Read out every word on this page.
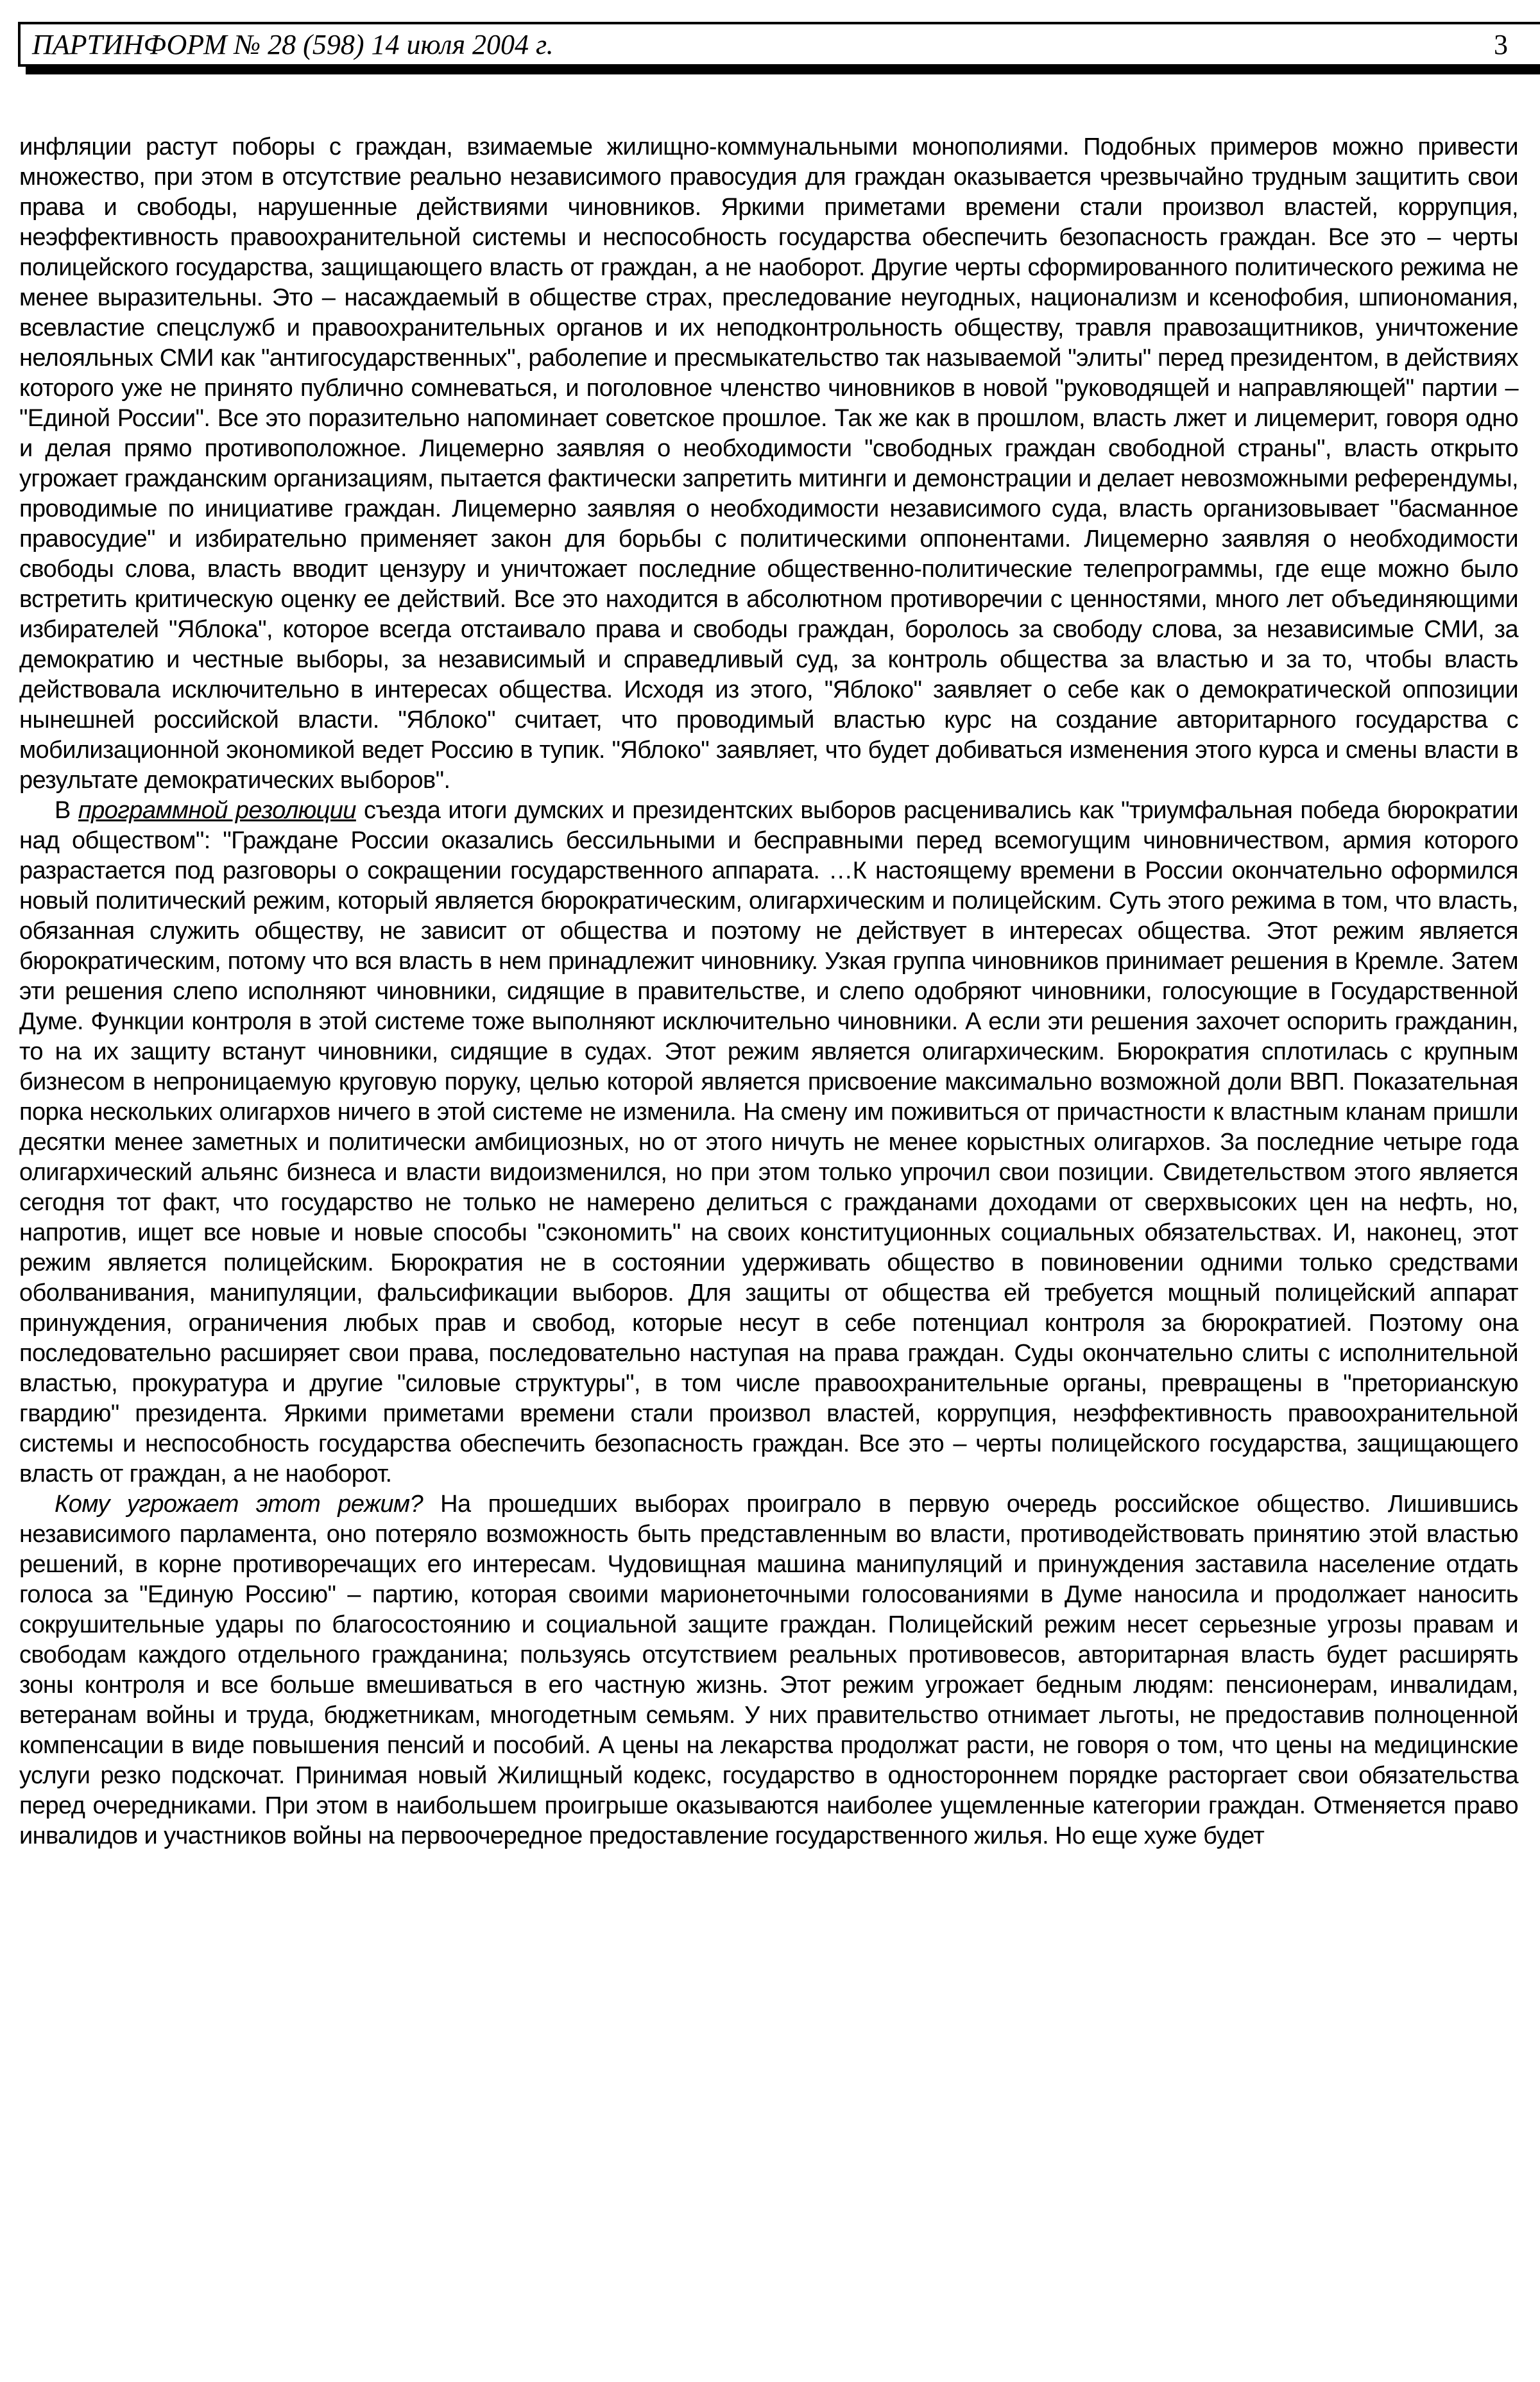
ПАРТИНФОРМ № 28 (598) 14 июля 2004 г.	3

инфляции растут поборы с граждан, взимаемые жилищно-коммунальными монополиями. Подобных примеров можно привести множество, при этом в отсутствие реально независимого правосудия для граждан оказывается чрезвычайно трудным защитить свои права и свободы, нарушенные действиями чиновников. Яркими приметами времени стали произвол властей, коррупция, неэффективность правоохранительной системы и неспособность государства обеспечить безопасность граждан. Все это – черты полицейского государства, защищающего власть от граждан, а не наоборот. Другие черты сформированного политического режима не менее выразительны. Это – насаждаемый в обществе страх, преследование неугодных, национализм и ксенофобия, шпиономания, всевластие спецслужб и правоохранительных органов и их неподконтрольность обществу, травля правозащитников, уничтожение нелояльных СМИ как "антигосударственных", раболепие и пресмыкательство так называемой "элиты" перед президентом, в действиях которого уже не принято публично сомневаться, и поголовное членство чиновников в новой "руководящей и направляющей" партии – "Единой России". Все это поразительно напоминает советское прошлое. Так же как в прошлом, власть лжет и лицемерит, говоря одно и делая прямо противоположное. Лицемерно заявляя о необходимости "свободных граждан свободной страны", власть открыто угрожает гражданским организациям, пытается фактически запретить митинги и демонстрации и делает невозможными референдумы, проводимые по инициативе граждан. Лицемерно заявляя о необходимости независимого суда, власть организовывает "басманное правосудие" и избирательно применяет закон для борьбы с политическими оппонентами. Лицемерно заявляя о необходимости свободы слова, власть вводит цензуру и уничтожает последние общественно-политические телепрограммы, где еще можно было встретить критическую оценку ее действий. Все это находится в абсолютном противоречии с ценностями, много лет объединяющими избирателей "Яблока", которое всегда отстаивало права и свободы граждан, боролось за свободу слова, за независимые СМИ, за демократию и честные выборы, за независимый и справедливый суд, за контроль общества за властью и за то, чтобы власть действовала исключительно в интересах общества. Исходя из этого, "Яблоко" заявляет о себе как о демократической оппозиции нынешней российской власти. "Яблоко" считает, что проводимый властью курс на создание авторитарного государства с мобилизационной экономикой ведет Россию в тупик. "Яблоко" заявляет, что будет добиваться изменения этого курса и смены власти в результате демократических выборов".

В программной резолюции съезда итоги думских и президентских выборов расценивались как "триумфальная победа бюрократии над обществом": "Граждане России оказались бессильными и бесправными перед всемогущим чиновничеством, армия которого разрастается под разговоры о сокращении государственного аппарата. …К настоящему времени в России окончательно оформился новый политический режим, который является бюрократическим, олигархическим и полицейским. Суть этого режима в том, что власть, обязанная служить обществу, не зависит от общества и поэтому не действует в интересах общества. Этот режим является бюрократическим, потому что вся власть в нем принадлежит чиновнику. Узкая группа чиновников принимает решения в Кремле. Затем эти решения слепо исполняют чиновники, сидящие в правительстве, и слепо одобряют чиновники, голосующие в Государственной Думе. Функции контроля в этой системе тоже выполняют исключительно чиновники. А если эти решения захочет оспорить гражданин, то на их защиту встанут чиновники, сидящие в судах. Этот режим является олигархическим. Бюрократия сплотилась с крупным бизнесом в непроницаемую круговую поруку, целью которой является присвоение максимально возможной доли ВВП. Показательная порка нескольких олигархов ничего в этой системе не изменила. На смену им поживиться от причастности к властным кланам пришли десятки менее заметных и политически амбициозных, но от этого ничуть не менее корыстных олигархов. За последние четыре года олигархический альянс бизнеса и власти видоизменился, но при этом только упрочил свои позиции. Свидетельством этого является сегодня тот факт, что государство не только не намерено делиться с гражданами доходами от сверхвысоких цен на нефть, но, напротив, ищет все новые и новые способы "сэкономить" на своих конституционных социальных обязательствах. И, наконец, этот режим является полицейским. Бюрократия не в состоянии удерживать общество в повиновении одними только средствами оболванивания, манипуляции, фальсификации выборов. Для защиты от общества ей требуется мощный полицейский аппарат принуждения, ограничения любых прав и свобод, которые несут в себе потенциал контроля за бюрократией. Поэтому она последовательно расширяет свои права, последовательно наступая на права граждан. Суды окончательно слиты с исполнительной властью, прокуратура и другие "силовые структуры", в том числе правоохранительные органы, превращены в "преторианскую гвардию" президента. Яркими приметами времени стали произвол властей, коррупция, неэффективность правоохранительной системы и неспособность государства обеспечить безопасность граждан. Все это – черты полицейского государства, защищающего власть от граждан, а не наоборот.

Кому угрожает этот режим? На прошедших выборах проиграло в первую очередь российское общество. Лишившись независимого парламента, оно потеряло возможность быть представленным во власти, противодействовать принятию этой властью решений, в корне противоречащих его интересам. Чудовищная машина манипуляций и принуждения заставила население отдать голоса за "Единую Россию" – партию, которая своими марионеточными голосованиями в Думе наносила и продолжает наносить сокрушительные удары по благосостоянию и социальной защите граждан. Полицейский режим несет серьезные угрозы правам и свободам каждого отдельного гражданина; пользуясь отсутствием реальных противовесов, авторитарная власть будет расширять зоны контроля и все больше вмешиваться в его частную жизнь. Этот режим угрожает бедным людям: пенсионерам, инвалидам, ветеранам войны и труда, бюджетникам, многодетным семьям. У них правительство отнимает льготы, не предоставив полноценной компенсации в виде повышения пенсий и пособий. А цены на лекарства продолжат расти, не говоря о том, что цены на медицинские услуги резко подскочат. Принимая новый Жилищный кодекс, государство в одностороннем порядке расторгает свои обязательства перед очередниками. При этом в наибольшем проигрыше оказываются наиболее ущемленные категории граждан. Отменяется право инвалидов и участников войны на первоочередное предоставление государственного жилья. Но еще хуже будет
